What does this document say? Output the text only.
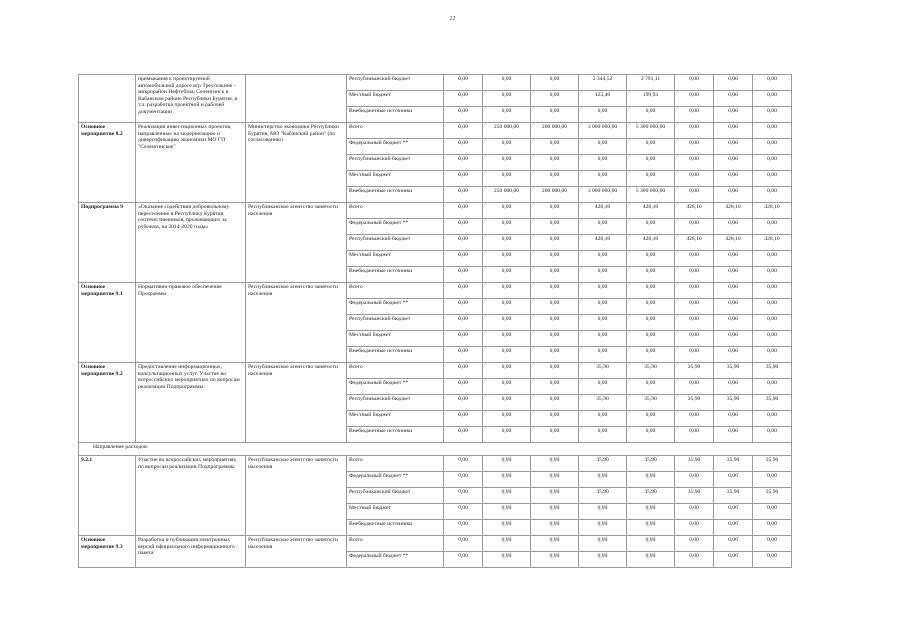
22
	примыкания к проектируемой автомобильной дороге м/р Треугольник - микрорайон Нефтебаза, Селенгинск в Кабанском районе Республики Бурятия, в т.ч. разработка проектной и рабочей документации		Республиканский бюджет	0,00	0,00	0,00	2 344,52	2 791,11	0,00	0,00	0,00
			Местный бюджет	0,00	0,00	0,00	123,40	199,93	0,00	0,00	0,00
			Внебюджетные источники	0,00	0,00	0,00	0,00	0,00	0,00	0,00	0,00
Основное мероприятие 8.2	Реализация инвестиционных проектов, направленных на модернизацию и диверсификацию экономики МО ГП "Селенгинское"	Министерство экономики Республики Бурятия, МО "Кабанский район" (по согласованию)	Всего	0,00	250 000,00	200 000,00	3 000 000,00	5 300 000,00	0,00	0,00	0,00
			Федеральный бюджет **	0,00	0,00	0,00	0,00	0,00	0,00	0,00	0,00
			Республиканский бюджет	0,00	0,00	0,00	0,00	0,00	0,00	0,00	0,00
			Местный бюджет	0,00	0,00	0,00	0,00	0,00	0,00	0,00	0,00
			Внебюджетные источники	0,00	250 000,00	200 000,00	3 000 000,00	5 300 000,00	0,00	0,00	0,00
Подпрограмма 9	«Оказание содействия добровольному переселению в Республику Бурятия соотечественников, проживающих за рубежом, на 2014-2020 годы»	Республиканское агентство занятости населения	Всего	0,00	0,00	0,00	428,10	428,10	428,10	428,10	428,10
			Федеральный бюджет **	0,00	0,00	0,00	0,00	0,00	0,00	0,00	0,00
			Республиканский бюджет	0,00	0,00	0,00	428,10	428,10	428,10	428,10	428,10
			Местный бюджет	0,00	0,00	0,00	0,00	0,00	0,00	0,00	0,00
			Внебюджетные источники	0,00	0,00	0,00	0,00	0,00	0,00	0,00	0,00
Основное мероприятие 9.1	Нормативно-правовое обеспечение Программы	Республиканское агентство занятости населения	Всего	0,00	0,00	0,00	0,00	0,00	0,00	0,00	0,00
			Федеральный бюджет **	0,00	0,00	0,00	0,00	0,00	0,00	0,00	0,00
			Республиканский бюджет	0,00	0,00	0,00	0,00	0,00	0,00	0,00	0,00
			Местный бюджет	0,00	0,00	0,00	0,00	0,00	0,00	0,00	0,00
			Внебюджетные источники	0,00	0,00	0,00	0,00	0,00	0,00	0,00	0,00
Основное мероприятие 9.2	Предоставление информационных, консультационных услуг. Участие во всероссийских мероприятиях по вопросам реализации Подпрограммы	Республиканское агентство занятости населения	Всего	0,00	0,00	0,00	35,90	35,90	35,90	35,90	35,90
			Федеральный бюджет **	0,00	0,00	0,00	0,00	0,00	0,00	0,00	0,00
			Республиканский бюджет	0,00	0,00	0,00	35,90	35,90	35,90	35,90	35,90
			Местный бюджет	0,00	0,00	0,00	0,00	0,00	0,00	0,00	0,00
			Внебюджетные источники	0,00	0,00	0,00	0,00	0,00	0,00	0,00	0,00
Направление расходов:											
9.2.1	Участие во всероссийских мероприятиях по вопросам реализации Подпрограммы	Республиканское агентство занятости населения	Всего	0,00	0,00	0,00	35,90	35,90	35,90	35,90	35,90
			Федеральный бюджет **	0,00	0,00	0,00	0,00	0,00	0,00	0,00	0,00
			Республиканский бюджет	0,00	0,00	0,00	35,90	35,90	35,90	35,90	35,90
			Местный бюджет	0,00	0,00	0,00	0,00	0,00	0,00	0,00	0,00
			Внебюджетные источники	0,00	0,00	0,00	0,00	0,00	0,00	0,00	0,00
Основное мероприятие 9.3	Разработка и публикация электронных версий официального информационного пакета	Республиканское агентство занятости населения	Всего	0,00	0,00	0,00	0,00	0,00	0,00	0,00	0,00
			Федеральный бюджет **	0,00	0,00	0,00	0,00	0,00	0,00	0,00	0,00
